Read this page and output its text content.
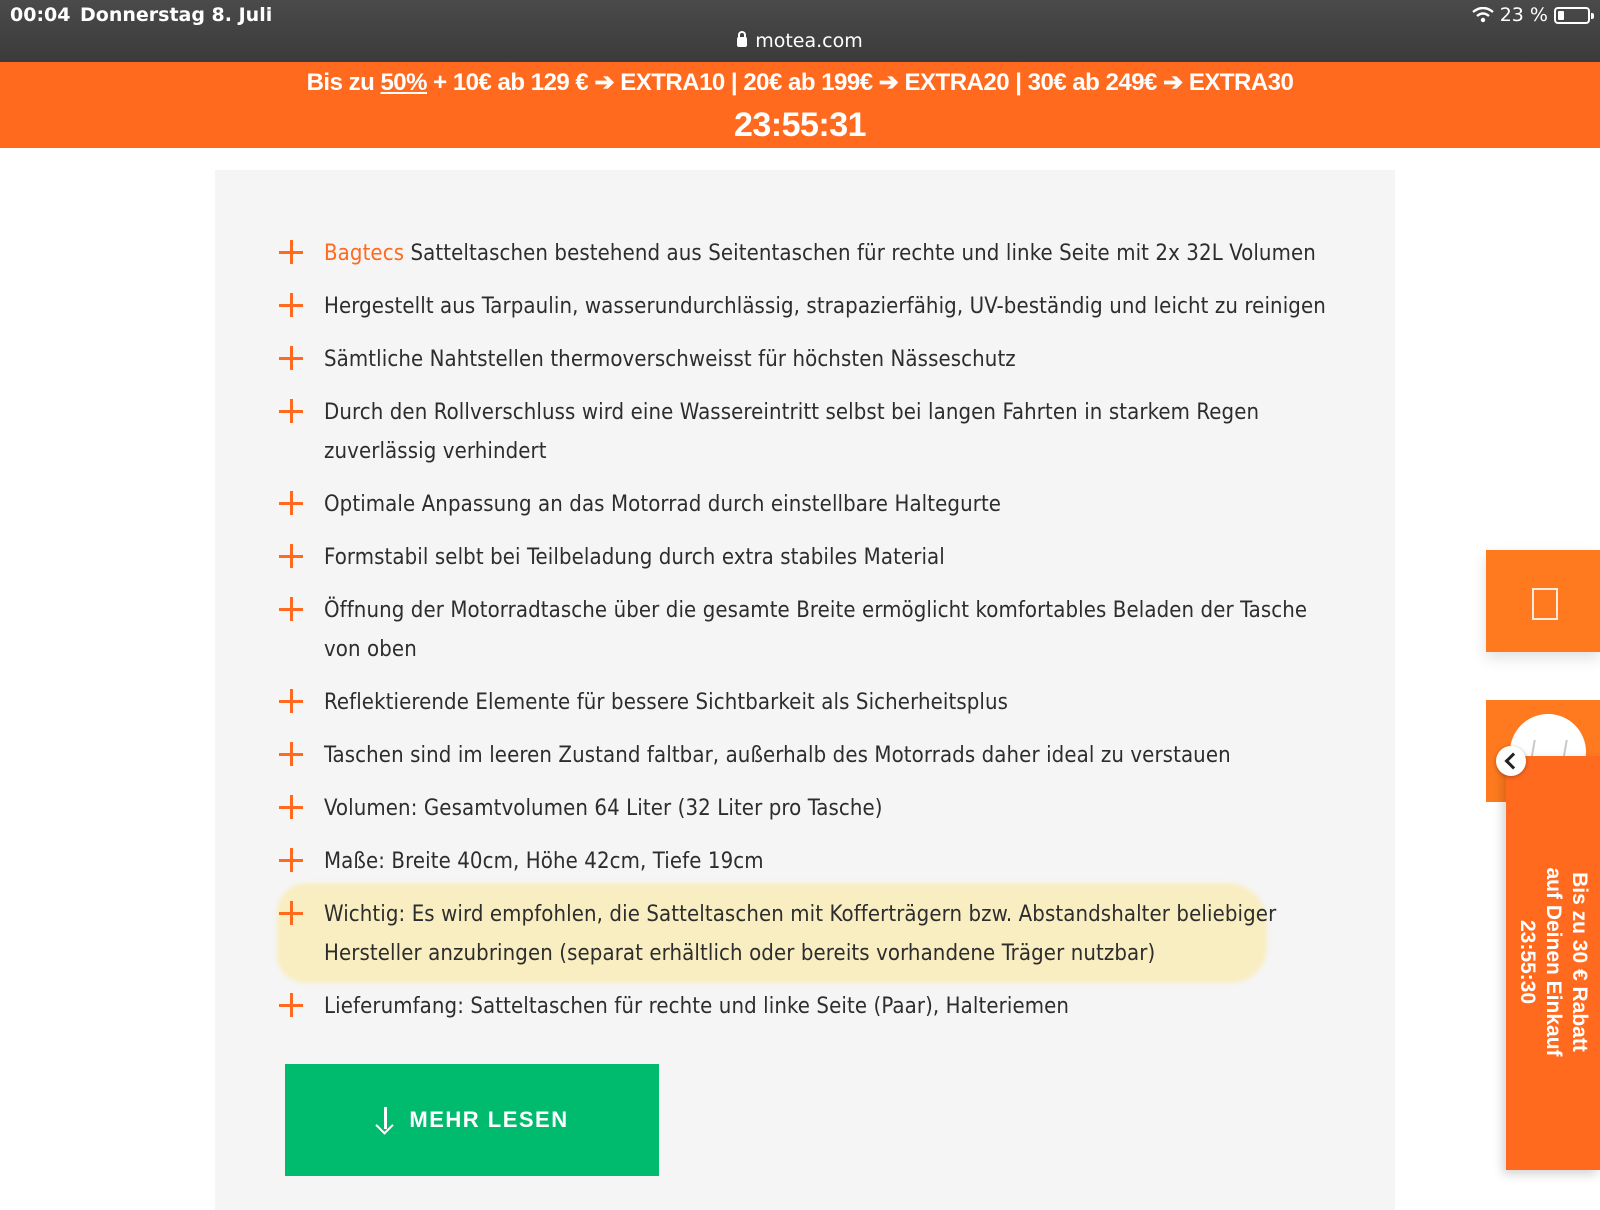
00:04 Donnerstag 8. Juli	23 %
motea.com
Bis zu 50% + 10€ ab 129 € ➔ EXTRA10 | 20€ ab 199€ ➔ EXTRA20 | 30€ ab 249€ ➔ EXTRA30
23:55:31
Bagtecs Satteltaschen bestehend aus Seitentaschen für rechte und linke Seite mit 2x 32L Volumen
Hergestellt aus Tarpaulin, wasserundurchlässig, strapazierfähig, UV-beständig und leicht zu reinigen
Sämtliche Nahtstellen thermoverschweisst für höchsten Nässeschutz
Durch den Rollverschluss wird eine Wassereintritt selbst bei langen Fahrten in starkem Regen zuverlässig verhindert
Optimale Anpassung an das Motorrad durch einstellbare Haltegurte
Formstabil selbt bei Teilbeladung durch extra stabiles Material
Öffnung der Motorradtasche über die gesamte Breite ermöglicht komfortables Beladen der Tasche von oben
Reflektierende Elemente für bessere Sichtbarkeit als Sicherheitsplus
Taschen sind im leeren Zustand faltbar, außerhalb des Motorrads daher ideal zu verstauen
Volumen: Gesamtvolumen 64 Liter (32 Liter pro Tasche)
Maße: Breite 40cm, Höhe 42cm, Tiefe 19cm
Wichtig: Es wird empfohlen, die Satteltaschen mit Kofferträgern bzw. Abstandshalter beliebiger Hersteller anzubringen (separat erhältlich oder bereits vorhandene Träger nutzbar)
Lieferumfang: Satteltaschen für rechte und linke Seite (Paar), Halteriemen
MEHR LESEN
Bis zu 30 € Rabatt
auf Deinen Einkauf
23:55:30
